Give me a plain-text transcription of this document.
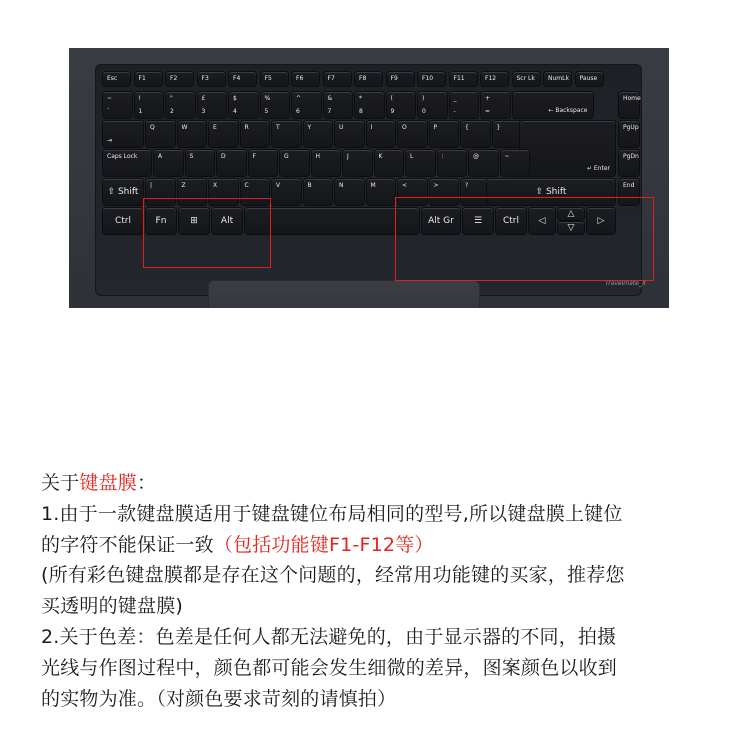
Esc	F1	F2	F3	F4	F5	F6	F7	F8	F9	F10	F11	F12	Scr Lk NumLk Pause
~
`
!
1
"
2
£
3
$
4
%
5
^
6
&
7
*
8
(
9
)
0
_
-
+
=	← Backspace
⇥
Q	W	E	R	T	Y	U	I	O	P	{	}
↵ Enter
Caps Lock	A	S	D	F	G	H	J	K	L	:	@	~
⇧ Shift
|	Z	X	C	V	B	N	M	<	>	?
⇧ Shift
Ctrl	Fn	⊞	Alt	Alt Gr	☰	Ctrl	◁
△
▽
▷
Home
PgUp
PgDn
End
Travelmate_X

关于键盘膜：

1.由于一款键盘膜适用于键盘键位布局相同的型号,所以键盘膜上键位

的字符不能保证一致（包括功能键F1-F12等）

(所有彩色键盘膜都是存在这个问题的，经常用功能键的买家，推荐您

买透明的键盘膜)

2.关于色差：色差是任何人都无法避免的，由于显示器的不同，拍摄

光线与作图过程中，颜色都可能会发生细微的差异，图案颜色以收到

的实物为准。（对颜色要求苛刻的请慎拍）
